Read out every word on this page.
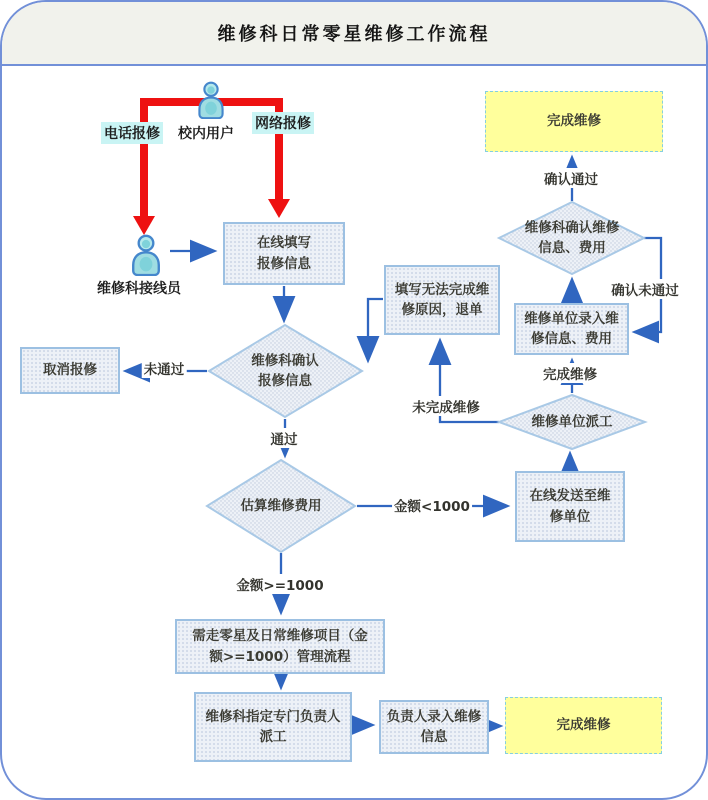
维修科日常零星维修工作流程
在线填写报修信息
取消报修
填写无法完成维修原因，退单
维修单位录入维修信息、费用
在线发送至维修单位
完成维修
需走零星及日常维修项目（金额>=1000）管理流程
维修科指定专门负责人派工
负责人录入维修信息
完成维修
维修科确认报修信息
估算维修费用
维修单位派工
维修科确认维修信息、费用
未通过
通过
金额<1000
金额>=1000
未完成维修
完成维修
确认未通过
确认通过
电话报修
网络报修
校内用户
维修科接线员
